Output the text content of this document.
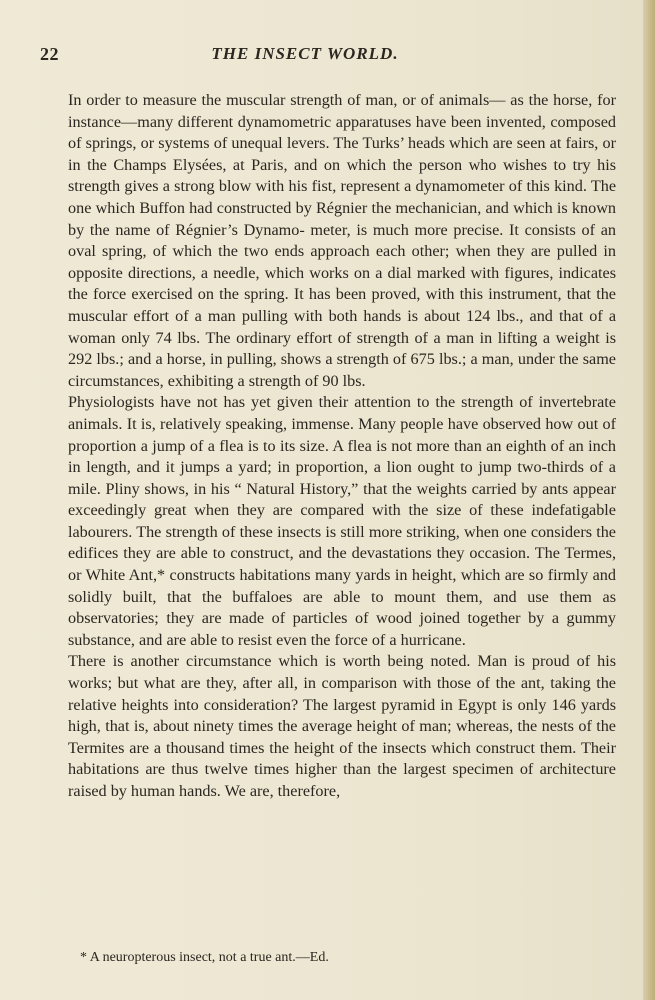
22	THE INSECT WORLD.

In order to measure the muscular strength of man, or of animals— as the horse, for instance—many different dynamometric apparatuses have been invented, composed of springs, or systems of unequal levers. The Turks’ heads which are seen at fairs, or in the Champs Elysées, at Paris, and on which the person who wishes to try his strength gives a strong blow with his fist, represent a dynamometer of this kind. The one which Buffon had constructed by Régnier the mechanician, and which is known by the name of Régnier’s Dynamo- meter, is much more precise. It consists of an oval spring, of which the two ends approach each other; when they are pulled in opposite directions, a needle, which works on a dial marked with figures, indicates the force exercised on the spring. It has been proved, with this instrument, that the muscular effort of a man pulling with both hands is about 124 lbs., and that of a woman only 74 lbs. The ordinary effort of strength of a man in lifting a weight is 292 lbs.; and a horse, in pulling, shows a strength of 675 lbs.; a man, under the same circumstances, exhibiting a strength of 90 lbs.

Physiologists have not has yet given their attention to the strength of invertebrate animals. It is, relatively speaking, immense. Many people have observed how out of proportion a jump of a flea is to its size. A flea is not more than an eighth of an inch in length, and it jumps a yard; in proportion, a lion ought to jump two-thirds of a mile. Pliny shows, in his “ Natural History,” that the weights carried by ants appear exceedingly great when they are compared with the size of these indefatigable labourers. The strength of these insects is still more striking, when one considers the edifices they are able to construct, and the devastations they occasion. The Termes, or White Ant,* constructs habitations many yards in height, which are so firmly and solidly built, that the buffaloes are able to mount them, and use them as observatories; they are made of particles of wood joined together by a gummy substance, and are able to resist even the force of a hurricane.

There is another circumstance which is worth being noted. Man is proud of his works; but what are they, after all, in comparison with those of the ant, taking the relative heights into consideration? The largest pyramid in Egypt is only 146 yards high, that is, about ninety times the average height of man; whereas, the nests of the Termites are a thousand times the height of the insects which construct them. Their habitations are thus twelve times higher than the largest specimen of architecture raised by human hands. We are, therefore,

* A neuropterous insect, not a true ant.—Ed.
